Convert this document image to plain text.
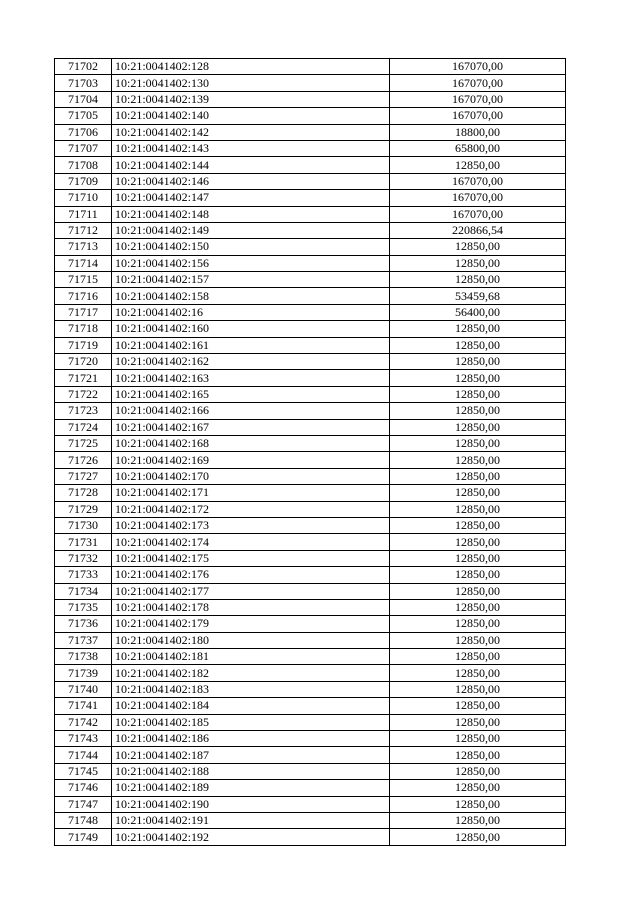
71702	10:21:0041402:128	167070,00
71703	10:21:0041402:130	167070,00
71704	10:21:0041402:139	167070,00
71705	10:21:0041402:140	167070,00
71706	10:21:0041402:142	18800,00
71707	10:21:0041402:143	65800,00
71708	10:21:0041402:144	12850,00
71709	10:21:0041402:146	167070,00
71710	10:21:0041402:147	167070,00
71711	10:21:0041402:148	167070,00
71712	10:21:0041402:149	220866,54
71713	10:21:0041402:150	12850,00
71714	10:21:0041402:156	12850,00
71715	10:21:0041402:157	12850,00
71716	10:21:0041402:158	53459,68
71717	10:21:0041402:16	56400,00
71718	10:21:0041402:160	12850,00
71719	10:21:0041402:161	12850,00
71720	10:21:0041402:162	12850,00
71721	10:21:0041402:163	12850,00
71722	10:21:0041402:165	12850,00
71723	10:21:0041402:166	12850,00
71724	10:21:0041402:167	12850,00
71725	10:21:0041402:168	12850,00
71726	10:21:0041402:169	12850,00
71727	10:21:0041402:170	12850,00
71728	10:21:0041402:171	12850,00
71729	10:21:0041402:172	12850,00
71730	10:21:0041402:173	12850,00
71731	10:21:0041402:174	12850,00
71732	10:21:0041402:175	12850,00
71733	10:21:0041402:176	12850,00
71734	10:21:0041402:177	12850,00
71735	10:21:0041402:178	12850,00
71736	10:21:0041402:179	12850,00
71737	10:21:0041402:180	12850,00
71738	10:21:0041402:181	12850,00
71739	10:21:0041402:182	12850,00
71740	10:21:0041402:183	12850,00
71741	10:21:0041402:184	12850,00
71742	10:21:0041402:185	12850,00
71743	10:21:0041402:186	12850,00
71744	10:21:0041402:187	12850,00
71745	10:21:0041402:188	12850,00
71746	10:21:0041402:189	12850,00
71747	10:21:0041402:190	12850,00
71748	10:21:0041402:191	12850,00
71749	10:21:0041402:192	12850,00
